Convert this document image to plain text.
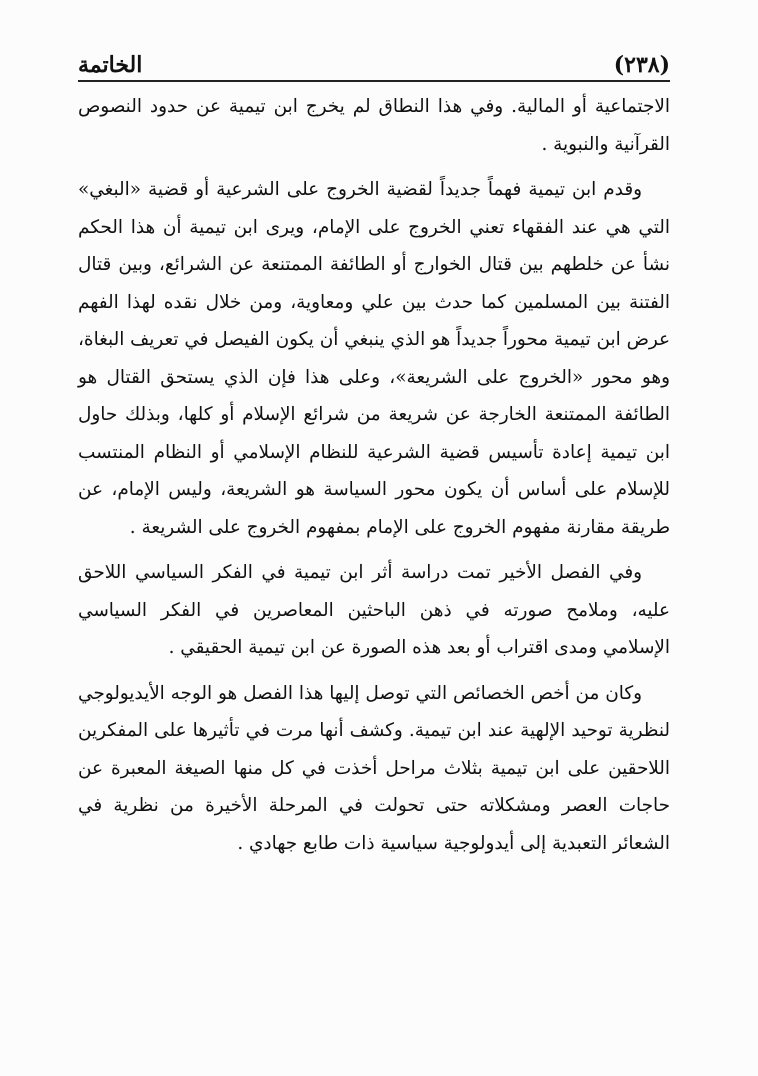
الخاتمة	(٢٣٨)

الاجتماعية أو المالية. وفي هذا النطاق لم يخرج ابن تيمية عن حدود النصوص القرآنية والنبوية .

وقدم ابن تيمية فهماً جديداً لقضية الخروج على الشرعية أو قضية «البغي» التي هي عند الفقهاء تعني الخروج على الإمام، ويرى ابن تيمية أن هذا الحكم نشأ عن خلطهم بين قتال الخوارج أو الطائفة الممتنعة عن الشرائع، وبين قتال الفتنة بين المسلمين كما حدث بين علي ومعاوية، ومن خلال نقده لهذا الفهم عرض ابن تيمية محوراً جديداً هو الذي ينبغي أن يكون الفيصل في تعريف البغاة، وهو محور «الخروج على الشريعة»، وعلى هذا فإن الذي يستحق القتال هو الطائفة الممتنعة الخارجة عن شريعة من شرائع الإسلام أو كلها، وبذلك حاول ابن تيمية إعادة تأسيس قضية الشرعية للنظام الإسلامي أو النظام المنتسب للإسلام على أساس أن يكون محور السياسة هو الشريعة، وليس الإمام، عن طريقة مقارنة مفهوم الخروج على الإمام بمفهوم الخروج على الشريعة .

وفي الفصل الأخير تمت دراسة أثر ابن تيمية في الفكر السياسي اللاحق عليه، وملامح صورته في ذهن الباحثين المعاصرين في الفكر السياسي الإسلامي ومدى اقتراب أو بعد هذه الصورة عن ابن تيمية الحقيقي .

وكان من أخص الخصائص التي توصل إليها هذا الفصل هو الوجه الأيديولوجي لنظرية توحيد الإلهية عند ابن تيمية. وكشف أنها مرت في تأثيرها على المفكرين اللاحقين على ابن تيمية بثلاث مراحل أخذت في كل منها الصيغة المعبرة عن حاجات العصر ومشكلاته حتى تحولت في المرحلة الأخيرة من نظرية في الشعائر التعبدية إلى أيدولوجية سياسية ذات طابع جهادي .
